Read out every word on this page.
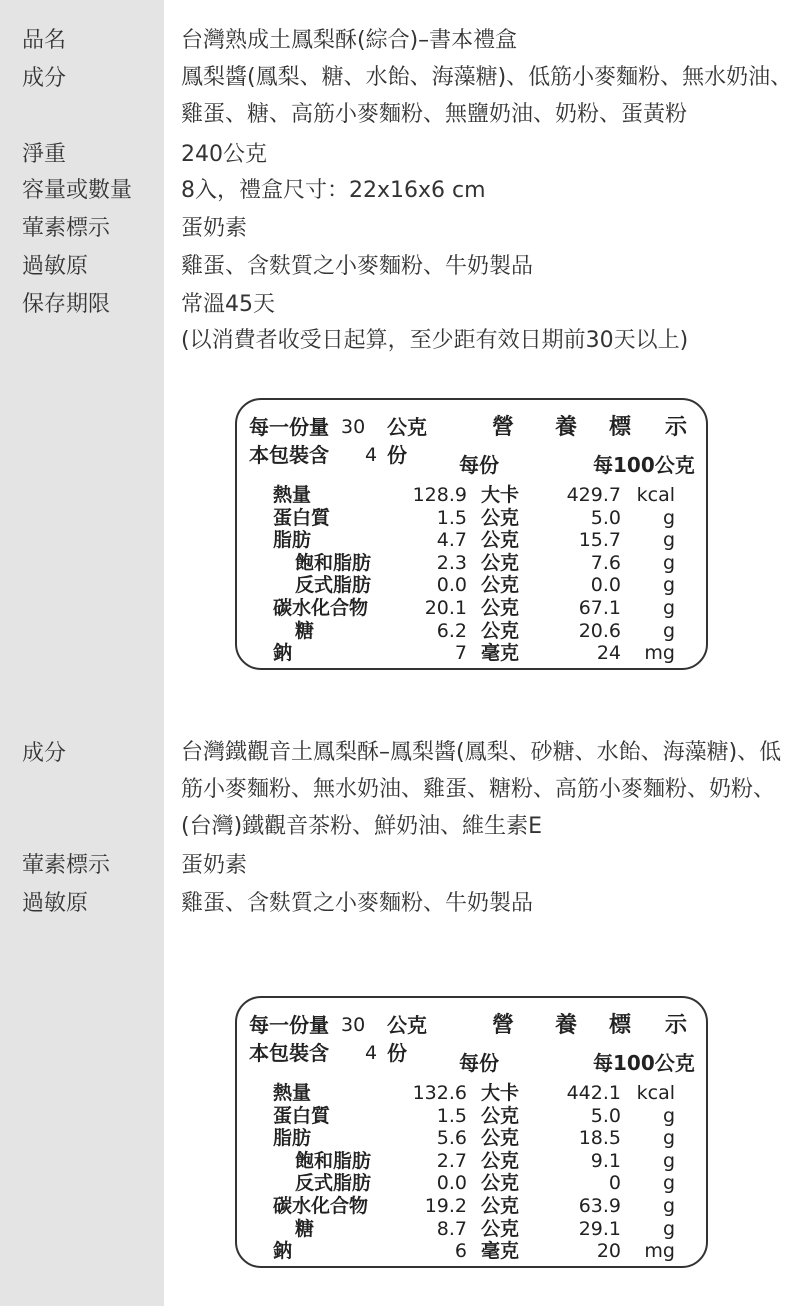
品名	台灣熟成土鳳梨酥(綜合)–書本禮盒
成分	鳳梨醬(鳳梨、糖、水飴、海藻糖)、低筋小麥麵粉、無水奶油、雞蛋、糖、高筋小麥麵粉、無鹽奶油、奶粉、蛋黃粉
淨重	240公克
容量或數量 8入，禮盒尺寸：22x16x6 cm
葷素標示	蛋奶素
過敏原	雞蛋、含麩質之小麥麵粉、牛奶製品
保存期限	常溫45天
(以消費者收受日起算，至少距有效日期前30天以上)
營 養 標 示
每一份量 30 公克
本包裝含 4 份	每份	每100公克
熱量	128.9 大卡	429.7 kcal
蛋白質	1.5 公克	5.0	g
脂肪	4.7 公克	15.7	g
飽和脂肪	2.3 公克	7.6	g
反式脂肪	0.0 公克	0.0	g
碳水化合物	20.1 公克	67.1	g
糖	6.2 公克	20.6	g
鈉	7 毫克	24	mg
成分	台灣鐵觀音土鳳梨酥–鳳梨醬(鳳梨、砂糖、水飴、海藻糖)、低筋小麥麵粉、無水奶油、雞蛋、糖粉、高筋小麥麵粉、奶粉、(台灣)鐵觀音茶粉、鮮奶油、維生素E
葷素標示	蛋奶素
過敏原	雞蛋、含麩質之小麥麵粉、牛奶製品
營 養 標 示
每一份量 30 公克
本包裝含 4 份	每份	每100公克
熱量	132.6 大卡	442.1 kcal
蛋白質	1.5 公克	5.0	g
脂肪	5.6 公克	18.5	g
飽和脂肪	2.7 公克	9.1	g
反式脂肪	0.0 公克	0	g
碳水化合物	19.2 公克	63.9	g
糖	8.7 公克	29.1	g
鈉	6 毫克	20	mg
